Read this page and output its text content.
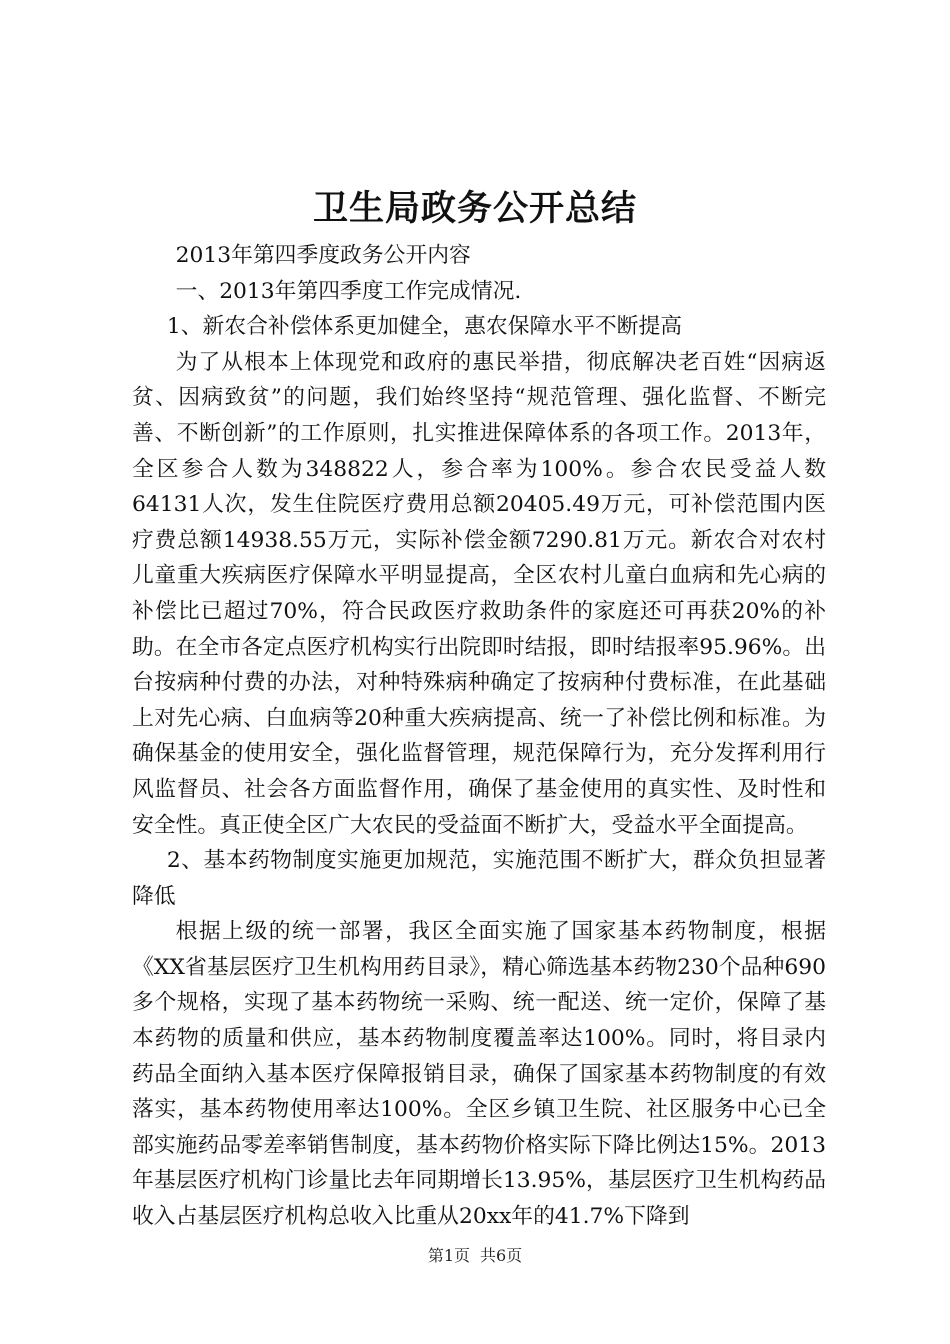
卫生局政务公开总结

2013年第四季度政务公开内容

一、2013年第四季度工作完成情况.

1、新农合补偿体系更加健全，惠农保障水平不断提高

为了从根本上体现党和政府的惠民举措，彻底解决老百姓“因病返贫、因病致贫”的问题，我们始终坚持“规范管理、强化监督、不断完善、不断创新”的工作原则，扎实推进保障体系的各项工作。2013年，全区参合人数为348822人，参合率为100%。参合农民受益人数64131人次，发生住院医疗费用总额20405.49万元，可补偿范围内医疗费总额14938.55万元，实际补偿金额7290.81万元。新农合对农村儿童重大疾病医疗保障水平明显提高，全区农村儿童白血病和先心病的补偿比已超过70%，符合民政医疗救助条件的家庭还可再获20%的补助。在全市各定点医疗机构实行出院即时结报，即时结报率95.96%。出台按病种付费的办法，对种特殊病种确定了按病种付费标准，在此基础上对先心病、白血病等20种重大疾病提高、统一了补偿比例和标准。为确保基金的使用安全，强化监督管理，规范保障行为，充分发挥利用行风监督员、社会各方面监督作用，确保了基金使用的真实性、及时性和安全性。真正使全区广大农民的受益面不断扩大，受益水平全面提高。

2、基本药物制度实施更加规范，实施范围不断扩大，群众负担显著降低

根据上级的统一部署，我区全面实施了国家基本药物制度，根据《XX省基层医疗卫生机构用药目录》，精心筛选基本药物230个品种690多个规格，实现了基本药物统一采购、统一配送、统一定价，保障了基本药物的质量和供应，基本药物制度覆盖率达100%。同时，将目录内药品全面纳入基本医疗保障报销目录，确保了国家基本药物制度的有效落实，基本药物使用率达100%。全区乡镇卫生院、社区服务中心已全部实施药品零差率销售制度，基本药物价格实际下降比例达15%。2013年基层医疗机构门诊量比去年同期增长13.95%，基层医疗卫生机构药品收入占基层医疗机构总收入比重从20xx年的41.7%下降到

第1页 共6页
